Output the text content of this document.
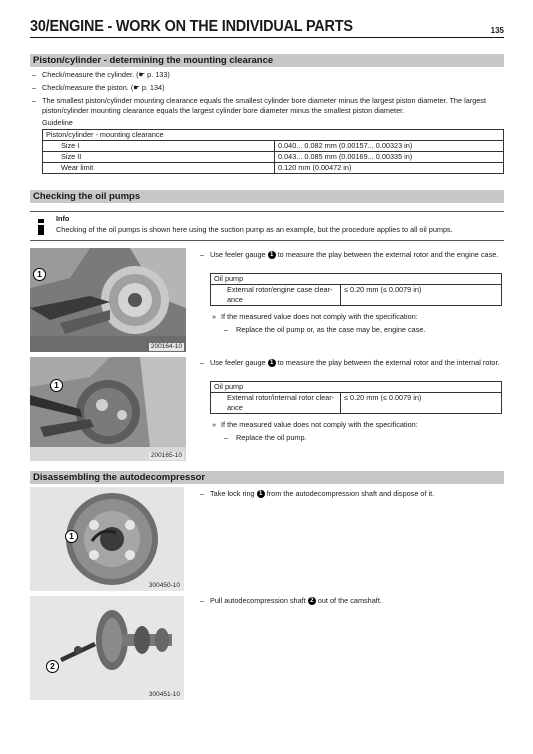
30/ENGINE - WORK ON THE INDIVIDUAL PARTS	135
Piston/cylinder - determining the mounting clearance
– Check/measure the cylinder. (☛ p. 133)
– Check/measure the piston. (☛ p. 134)
– The smallest piston/cylinder mounting clearance equals the smallest cylinder bore diameter minus the largest piston diameter. The largest piston/cylinder mounting clearance equals the largest cylinder bore diameter minus the smallest piston diameter.
Guideline
Piston/cylinder - mounting clearance	
Size I	0.040... 0.082 mm (0.00157... 0.00323 in)
Size II	0.043... 0.085 mm (0.00169... 0.00335 in)
Wear limit	0.120 mm (0.00472 in)
Checking the oil pumps
Info
Checking of the oil pumps is shown here using the suction pump as an example, but the procedure applies to all oil pumps.
1
200164-10
– Use feeler gauge 1 to measure the play between the external rotor and the engine case.
Oil pump
External rotor/engine case clear-ance	≤ 0.20 mm (≤ 0.0079 in)
» If the measured value does not comply with the specification:
– Replace the oil pump or, as the case may be, engine case.
1
200165-10
– Use feeler gauge 1 to measure the play between the external rotor and the internal rotor.
Oil pump
External rotor/internal rotor clear-ance	≤ 0.20 mm (≤ 0.0079 in)
» If the measured value does not comply with the specification:
– Replace the oil pump.
Disassembling the autodecompressor
1
300450-10
– Take lock ring 1 from the autodecompression shaft and dispose of it.
2
300451-10
– Pull autodecompression shaft 2 out of the camshaft.
